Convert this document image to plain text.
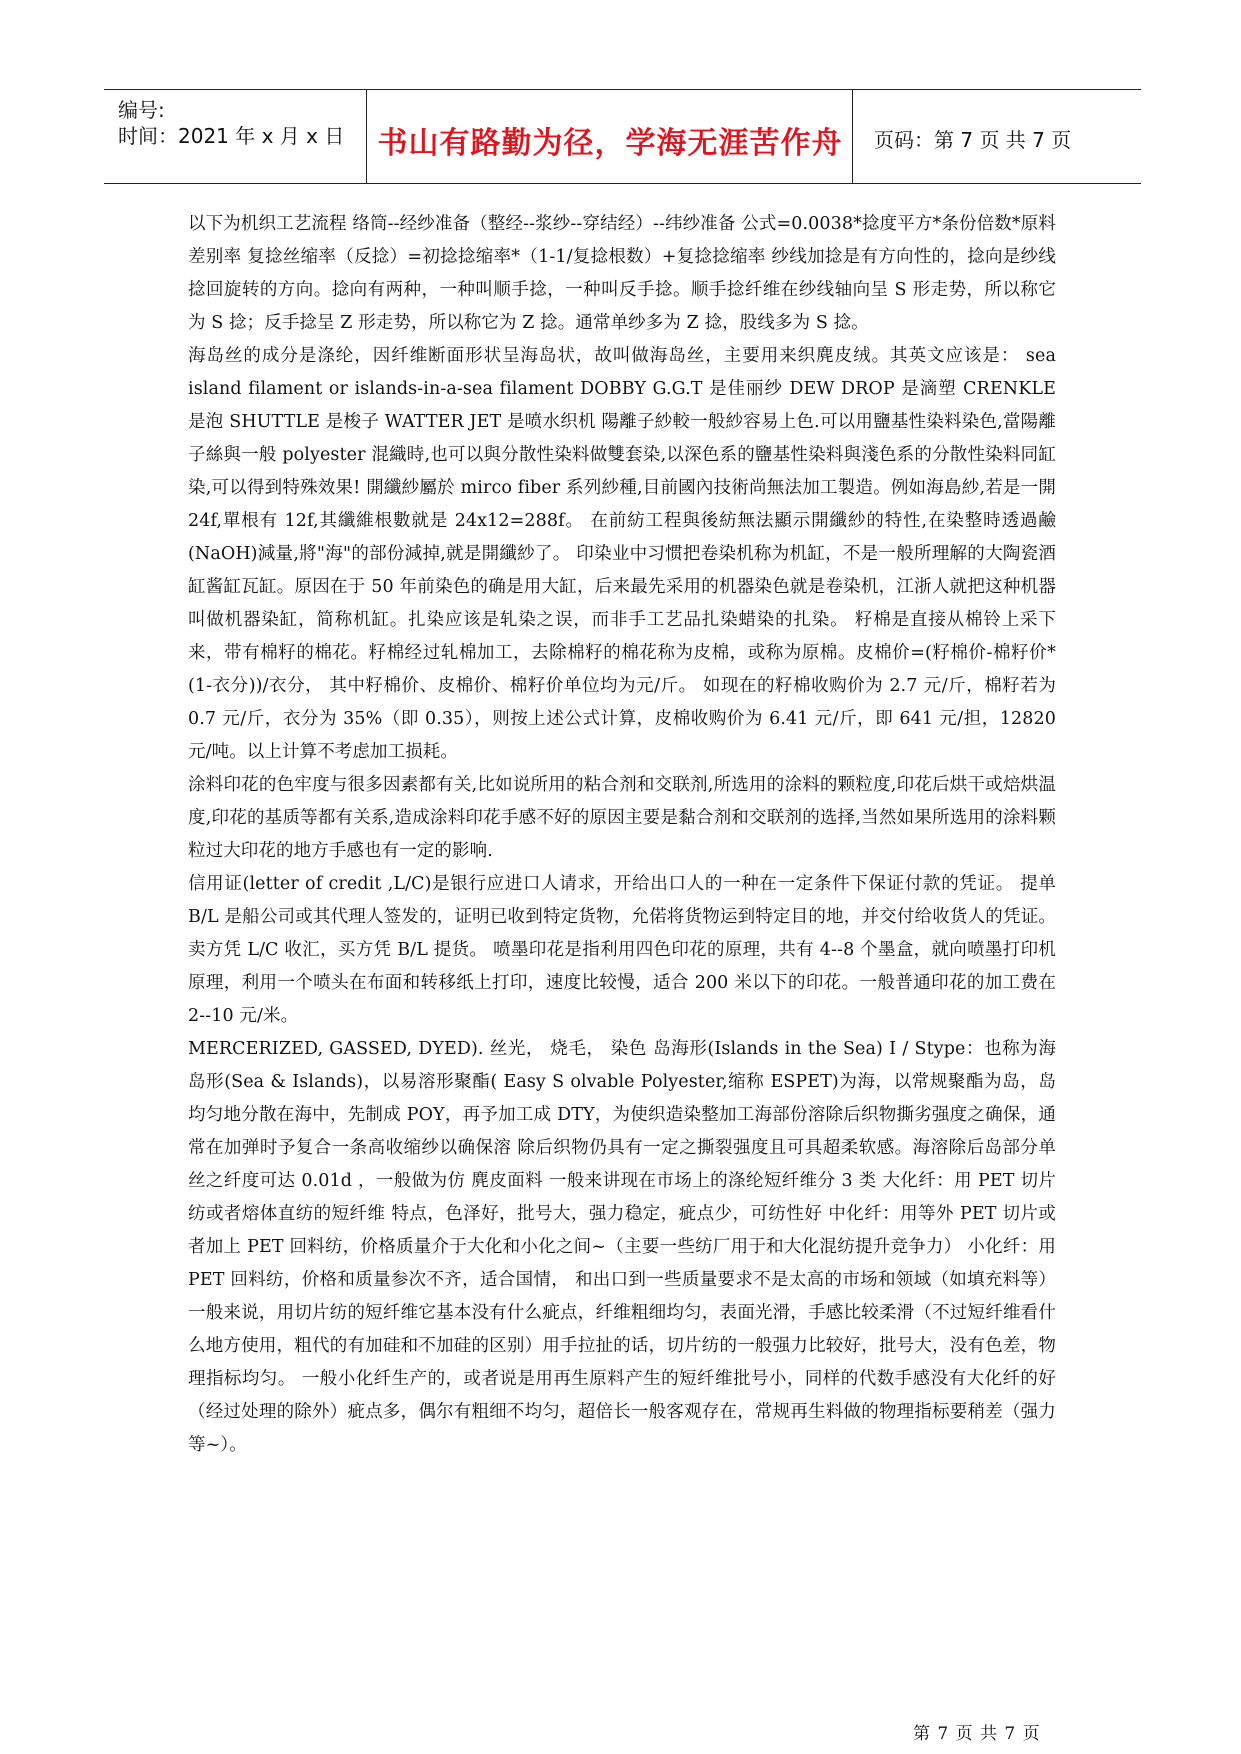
编号:
时间：2021 年 x 月 x 日	书山有路勤为径，学海无涯苦作舟	页码：第 7 页 共 7 页

以下为机织工艺流程 络筒--经纱准备（整经--浆纱--穿结经）--纬纱准备 公式=0.0038*捻度平方*条份倍数*原料差别率 复捻丝缩率（反捻）=初捻捻缩率*（1-1/复捻根数）+复捻捻缩率 纱线加捻是有方向性的，捻向是纱线捻回旋转的方向。捻向有两种，一种叫顺手捻，一种叫反手捻。顺手捻纤维在纱线轴向呈 S 形走势，所以称它为 S 捻；反手捻呈 Z 形走势，所以称它为 Z 捻。通常单纱多为 Z 捻，股线多为 S 捻。

海岛丝的成分是涤纶，因纤维断面形状呈海岛状，故叫做海岛丝，主要用来织麂皮绒。其英文应该是： sea island filament or islands-in-a-sea filament DOBBY G.G.T 是佳丽纱 DEW DROP 是滴塑 CRENKLE 是泡 SHUTTLE 是梭子 WATTER JET 是喷水织机 陽離子紗較一般紗容易上色.可以用鹽基性染料染色,當陽離子絲與一般 polyester 混織時,也可以與分散性染料做雙套染,以深色系的鹽基性染料與淺色系的分散性染料同缸染,可以得到特殊效果! 開纖紗屬於 mirco fiber 系列紗種,目前國內技術尚無法加工製造。例如海島紗,若是一開 24f,單根有 12f,其纖維根數就是 24x12=288f。 在前紡工程與後紡無法顯示開纖紗的特性,在染整時透過鹼(NaOH)減量,將"海"的部份減掉,就是開纖紗了。 印染业中习惯把卷染机称为机缸，不是一般所理解的大陶瓷酒缸酱缸瓦缸。原因在于 50 年前染色的确是用大缸，后来最先采用的机器染色就是卷染机，江浙人就把这种机器叫做机器染缸，简称机缸。扎染应该是轧染之误，而非手工艺品扎染蜡染的扎染。 籽棉是直接从棉铃上采下来，带有棉籽的棉花。籽棉经过轧棉加工，去除棉籽的棉花称为皮棉，或称为原棉。皮棉价=(籽棉价-棉籽价*(1-衣分))/衣分， 其中籽棉价、皮棉价、棉籽价单位均为元/斤。 如现在的籽棉收购价为 2.7 元/斤，棉籽若为 0.7 元/斤，衣分为 35%（即 0.35），则按上述公式计算，皮棉收购价为 6.41 元/斤，即 641 元/担，12820 元/吨。以上计算不考虑加工损耗。

涂料印花的色牢度与很多因素都有关,比如说所用的粘合剂和交联剂,所选用的涂料的颗粒度,印花后烘干或焙烘温度,印花的基质等都有关系,造成涂料印花手感不好的原因主要是黏合剂和交联剂的选择,当然如果所选用的涂料颗粒过大印花的地方手感也有一定的影响.

信用证(letter of credit ,L/C)是银行应进口人请求，开给出口人的一种在一定条件下保证付款的凭证。 提单 B/L 是船公司或其代理人签发的，证明已收到特定货物，允偌将货物运到特定目的地，并交付给收货人的凭证。 卖方凭 L/C 收汇，买方凭 B/L 提货。 喷墨印花是指利用四色印花的原理，共有 4--8 个墨盒，就向喷墨打印机原理，利用一个喷头在布面和转移纸上打印，速度比较慢，适合 200 米以下的印花。一般普通印花的加工费在 2--10 元/米。

MERCERIZED, GASSED, DYED). 丝光， 烧毛， 染色 岛海形(Islands in the Sea) I / Stype：也称为海岛形(Sea & Islands)，以易溶形聚酯( Easy S olvable Polyester,缩称 ESPET)为海，以常规聚酯为岛，岛均匀地分散在海中，先制成 POY，再予加工成 DTY，为使织造染整加工海部份溶除后织物撕劣强度之确保，通常在加弹时予复合一条高收缩纱以确保溶 除后织物仍具有一定之撕裂强度且可具超柔软感。海溶除后岛部分单丝之纤度可达 0.01d ，一般做为仿 麂皮面料 一般来讲现在市场上的涤纶短纤维分 3 类 大化纤：用 PET 切片纺或者熔体直纺的短纤维 特点，色泽好，批号大，强力稳定，疵点少，可纺性好 中化纤：用等外 PET 切片或者加上 PET 回料纺，价格质量介于大化和小化之间~（主要一些纺厂用于和大化混纺提升竞争力） 小化纤：用 PET 回料纺，价格和质量参次不齐，适合国情， 和出口到一些质量要求不是太高的市场和领域（如填充料等） 一般来说，用切片纺的短纤维它基本没有什么疵点，纤维粗细均匀，表面光滑，手感比较柔滑（不过短纤维看什么地方使用，粗代的有加硅和不加硅的区别）用手拉扯的话，切片纺的一般强力比较好，批号大，没有色差，物理指标均匀。 一般小化纤生产的，或者说是用再生原料产生的短纤维批号小，同样的代数手感没有大化纤的好（经过处理的除外）疵点多，偶尔有粗细不均匀，超倍长一般客观存在，常规再生料做的物理指标要稍差（强力等~）。

第 7 页 共 7 页
